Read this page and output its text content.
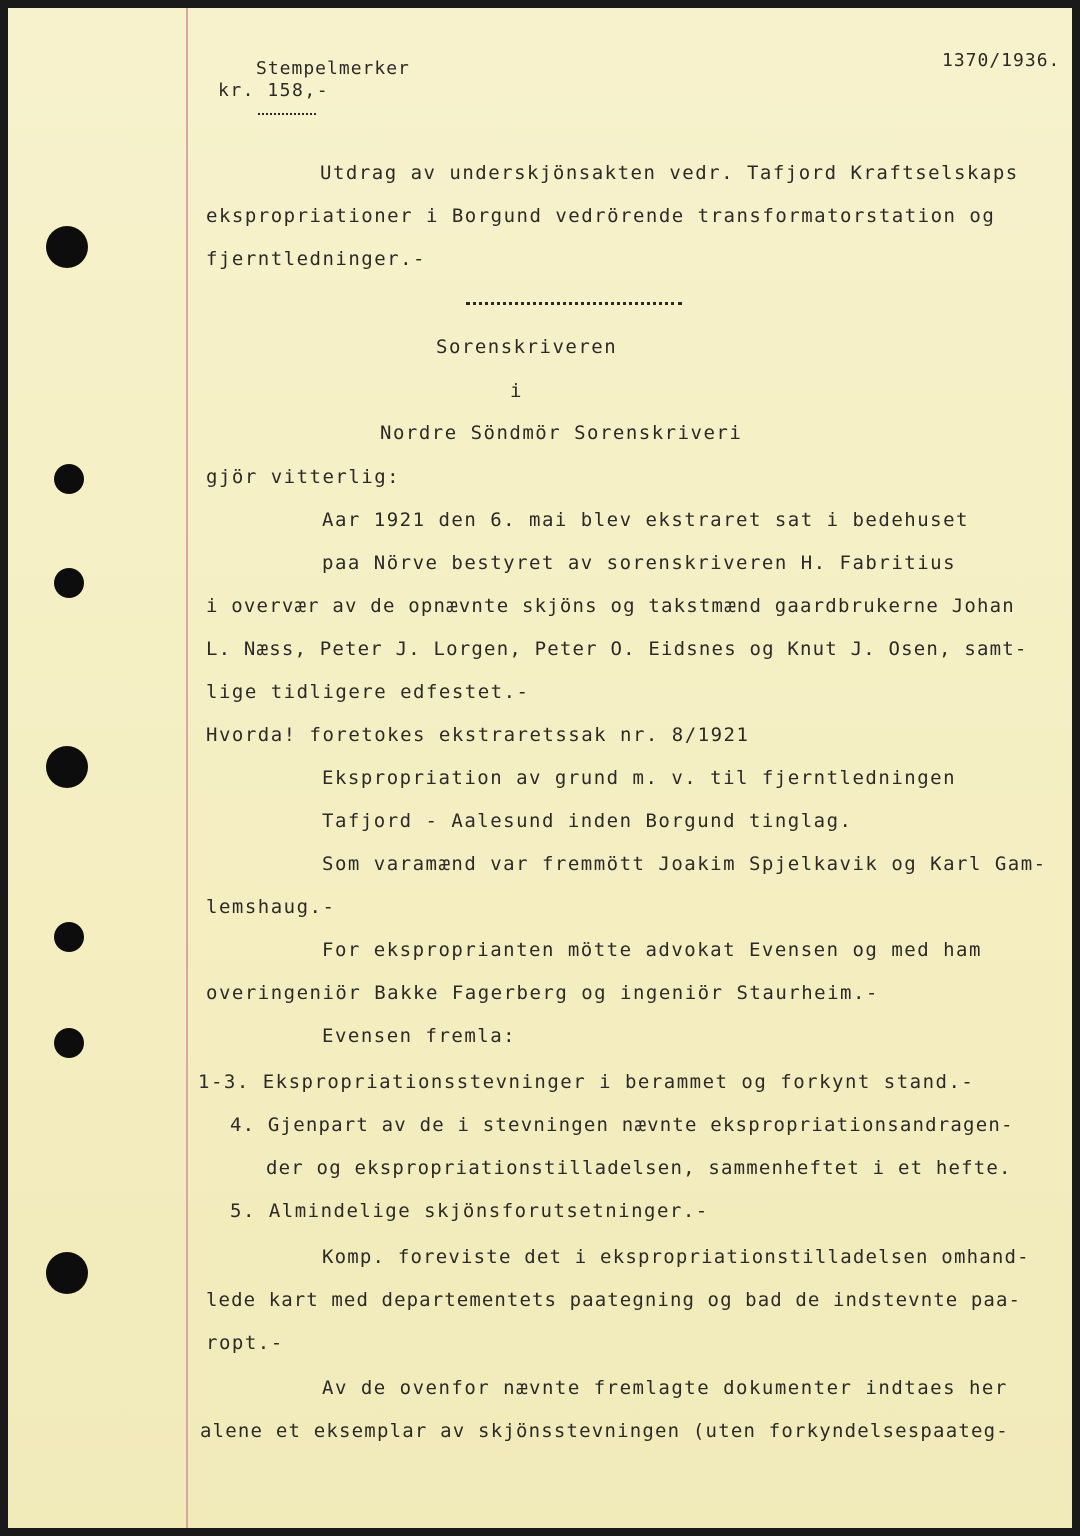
Stempelmerker
kr. 158,-
1370/1936.
Utdrag av underskjönsakten vedr. Tafjord Kraftselskaps
ekspropriationer i Borgund vedrörende transformatorstation og
fjerntledninger.-
Sorenskriveren
i
Nordre Söndmör Sorenskriveri
gjör vitterlig:
Aar 1921 den 6. mai blev ekstraret sat i bedehuset
paa Nörve bestyret av sorenskriveren H. Fabritius
i overvær av de opnævnte skjöns og takstmænd gaardbrukerne Johan
L. Næss, Peter J. Lorgen, Peter O. Eidsnes og Knut J. Osen, samt-
lige tidligere edfestet.-
Hvorda! foretokes ekstraretssak nr. 8/1921
Ekspropriation av grund m. v. til fjerntledningen
Tafjord - Aalesund inden Borgund tinglag.
Som varamænd var fremmött Joakim Spjelkavik og Karl Gam-
lemshaug.-
For eksproprianten mötte advokat Evensen og med ham
overingeniör Bakke Fagerberg og ingeniör Staurheim.-
Evensen fremla:
1-3. Ekspropriationsstevninger i berammet og forkynt stand.-
4. Gjenpart av de i stevningen nævnte ekspropriationsandragen-
der og ekspropriationstilladelsen, sammenheftet i et hefte.
5. Almindelige skjönsforutsetninger.-
Komp. foreviste det i ekspropriationstilladelsen omhand-
lede kart med departementets paategning og bad de indstevnte paa-
ropt.-
Av de ovenfor nævnte fremlagte dokumenter indtaes her
alene et eksemplar av skjönsstevningen (uten forkyndelsespaateg-
